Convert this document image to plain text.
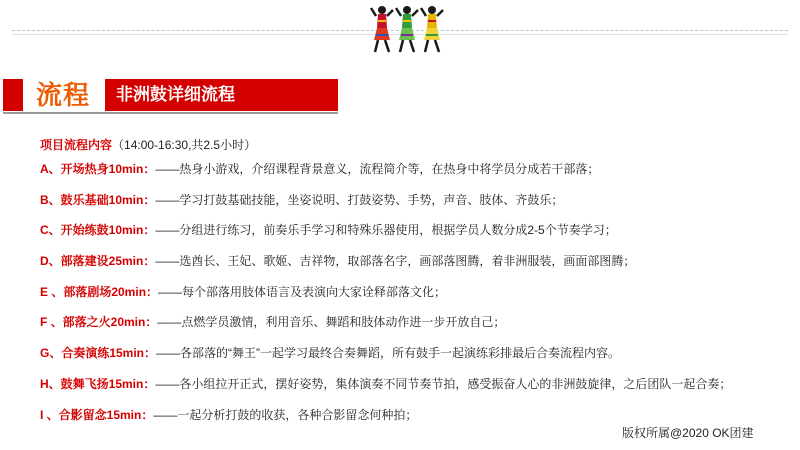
流程 非洲鼓详细流程
项目流程内容（14:00-16:30,共2.5小时）
A、开场热身10min：——热身小游戏，介绍课程背景意义，流程简介等，在热身中将学员分成若干部落；
B、鼓乐基础10min：——学习打鼓基础技能，坐姿说明、打鼓姿势、手势，声音、肢体、齐鼓乐；
C、开始练鼓10min：——分组进行练习，前奏乐手学习和特殊乐器使用，根据学员人数分成2-5个节奏学习；
D、部落建设25min：——选酋长、王妃、歌姬、吉祥物，取部落名字，画部落图腾，着非洲服装，画面部图腾；
E 、部落剧场20min：——每个部落用肢体语言及表演向大家诠释部落文化；
F 、部落之火20min：——点燃学员激情，利用音乐、舞蹈和肢体动作进一步开放自己；
G、合奏演练15min：——各部落的“舞王”一起学习最终合奏舞蹈，所有鼓手一起演练彩排最后合奏流程内容。
H、鼓舞飞扬15min：——各小组拉开正式，摆好姿势，集体演奏不同节奏节拍，感受振奋人心的非洲鼓旋律，之后团队一起合奏；
I 、合影留念15min：——一起分析打鼓的收获，各种合影留念何种拍；
版权所属@2020 OK团建
